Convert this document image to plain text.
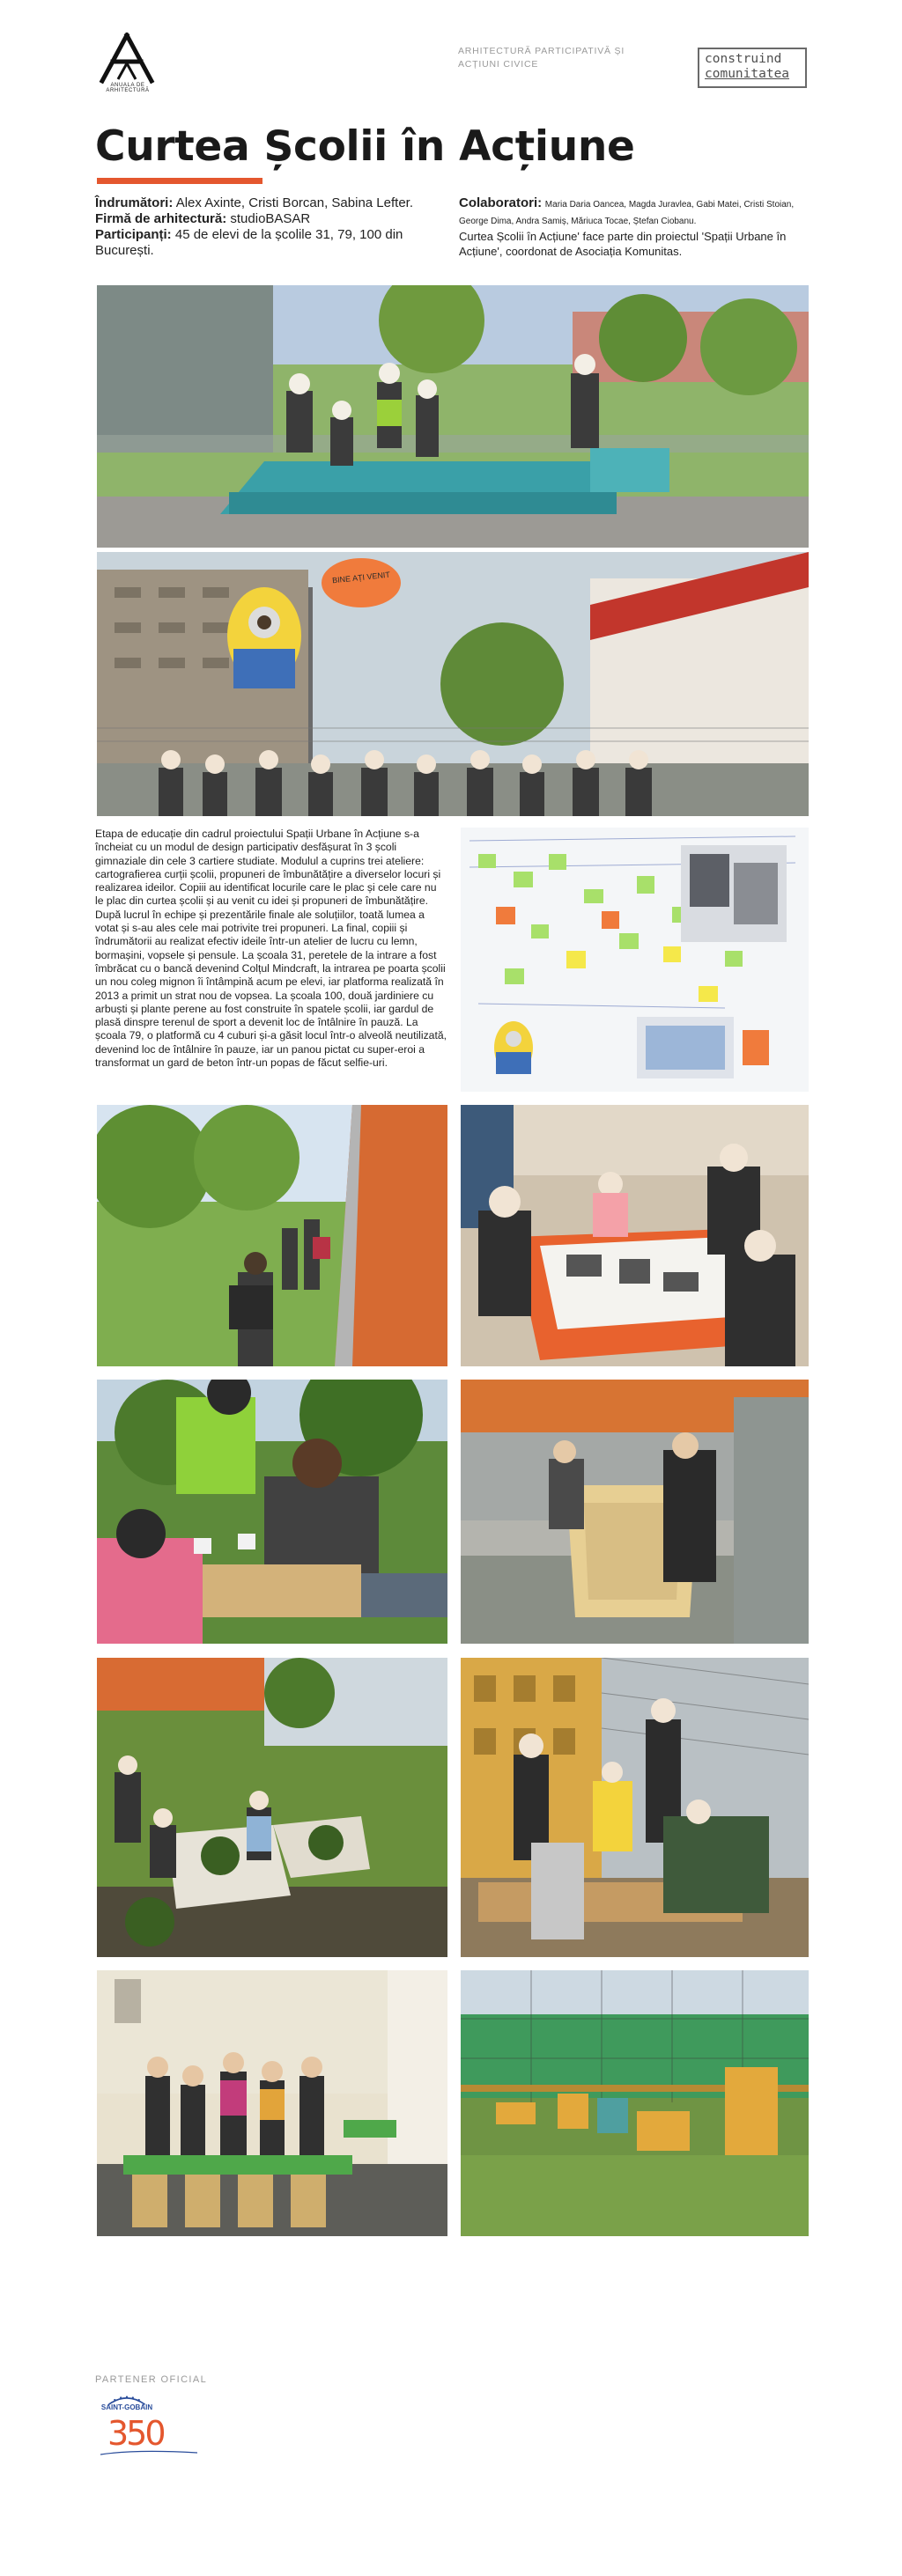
ANUALA DE ARHITECTURĂ
ARHITECTURĂ PARTICIPATIVĂ ȘI ACȚIUNI CIVICE	construind
comunitatea
Curtea Școlii în Acțiune
Îndrumători: Alex Axinte, Cristi Borcan, Sabina Lefter.
Firmă de arhitectură: studioBASAR
Participanți: 45 de elevi de la școlile 31, 79, 100 din București.
Colaboratori: Maria Daria Oancea, Magda Juravlea, Gabi Matei, Cristi Stoian, George Dima, Andra Samiș, Măriuca Tocae, Ștefan Ciobanu.
Curtea Școlii în Acțiune' face parte din proiectul 'Spații Urbane în Acțiune', coordonat de Asociația Komunitas.
BINE AȚI VENIT
Etapa de educație din cadrul proiectului Spații Urbane în Acțiune s-a încheiat cu un modul de design participativ desfășurat în 3 școli gimnaziale din cele 3 cartiere studiate. Modulul a cuprins trei ateliere: cartografierea curții școlii, propuneri de îmbunătățire a diverselor locuri și realizarea ideilor. Copiii au identificat locurile care le plac și cele care nu le plac din curtea școlii și au venit cu idei și propuneri de îmbunătățire. După lucrul în echipe și prezentările finale ale soluțiilor, toată lumea a votat și s-au ales cele mai potrivite trei propuneri. La final, copiii și îndrumătorii au realizat efectiv ideile într-un atelier de lucru cu lemn, bormașini, vopsele și pensule. La școala 31, peretele de la intrare a fost îmbrăcat cu o bancă devenind Colțul Mindcraft, la intrarea pe poarta școlii un nou coleg mignon îi întâmpină acum pe elevi, iar platforma realizată în 2013 a primit un strat nou de vopsea. La școala 100, două jardiniere cu arbuști și plante perene au fost construite în spatele școlii, iar gardul de plasă dinspre terenul de sport a devenit loc de întâlnire în pauză. La școala 79, o platformă cu 4 cuburi și-a găsit locul într-o alveolă neutilizată, devenind loc de întâlnire în pauze, iar un panou pictat cu super-eroi a transformat un gard de beton într-un popas de făcut selfie-uri.
PARTENER OFICIAL
SAINT-GOBAIN
350
